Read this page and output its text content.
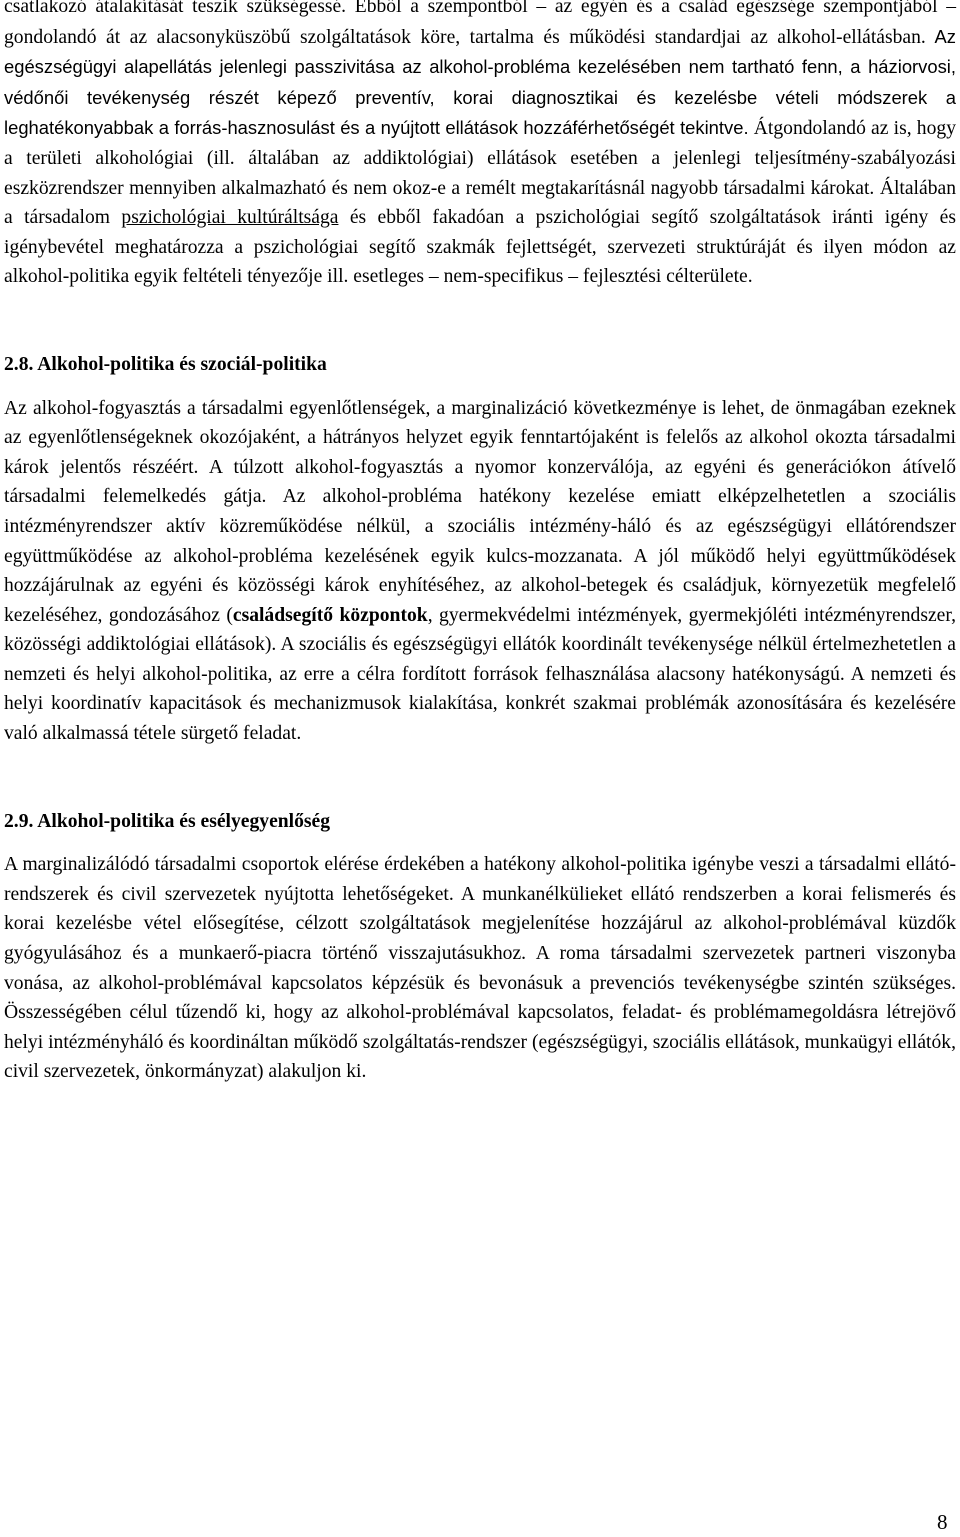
csatlakozó átalakítását teszik szükségessé. Ebből a szempontból – az egyén és a család egészsége szempontjából –gondolandó át az alacsonyküszöbű szolgáltatások köre, tartalma és működési standardjai az alkohol-ellátásban. Az egészségügyi alapellátás jelenlegi passzivitása az alkohol-probléma kezelésében nem tartható fenn, a háziorvosi, védőnői tevékenység részét képező preventív, korai diagnosztikai és kezelésbe vételi módszerek a leghatékonyabbak a forrás-hasznosulást és a nyújtott ellátások hozzáférhetőségét tekintve. Átgondolandó az is, hogy a területi alkohológiai (ill. általában az addiktológiai) ellátások esetében a jelenlegi teljesítmény-szabályozási eszközrendszer mennyiben alkalmazható és nem okoz-e a remélt megtakarításnál nagyobb társadalmi károkat. Általában a társadalom pszichológiai kultúráltsága és ebből fakadóan a pszichológiai segítő szolgáltatások iránti igény és igénybevétel meghatározza a pszichológiai segítő szakmák fejlettségét, szervezeti struktúráját és ilyen módon az alkohol-politika egyik feltételi tényezője ill. esetleges – nem-specifikus – fejlesztési célterülete.

2.8. Alkohol-politika és szociál-politika

Az alkohol-fogyasztás a társadalmi egyenlőtlenségek, a marginalizáció következménye is lehet, de önmagában ezeknek az egyenlőtlenségeknek okozójaként, a hátrányos helyzet egyik fenntartójaként is felelős az alkohol okozta társadalmi károk jelentős részéért. A túlzott alkohol-fogyasztás a nyomor konzerválója, az egyéni és generációkon átívelő társadalmi felemelkedés gátja. Az alkohol-probléma hatékony kezelése emiatt elképzelhetetlen a szociális intézményrendszer aktív közreműködése nélkül, a szociális intézmény-háló és az egészségügyi ellátórendszer együttműködése az alkohol-probléma kezelésének egyik kulcs-mozzanata. A jól működő helyi együttműködések hozzájárulnak az egyéni és közösségi károk enyhítéséhez, az alkohol-betegek és családjuk, környezetük megfelelő kezeléséhez, gondozásához (családsegítő központok, gyermekvédelmi intézmények, gyermekjóléti intézményrendszer, közösségi addiktológiai ellátások). A szociális és egészségügyi ellátók koordinált tevékenysége nélkül értelmezhetetlen a nemzeti és helyi alkohol-politika, az erre a célra fordított források felhasználása alacsony hatékonyságú. A nemzeti és helyi koordinatív kapacitások és mechanizmusok kialakítása, konkrét szakmai problémák azonosítására és kezelésére való alkalmassá tétele sürgető feladat.

2.9. Alkohol-politika és esélyegyenlőség

A marginalizálódó társadalmi csoportok elérése érdekében a hatékony alkohol-politika igénybe veszi a társadalmi ellátó-rendszerek és civil szervezetek nyújtotta lehetőségeket. A munkanélkülieket ellátó rendszerben a korai felismerés és korai kezelésbe vétel elősegítése, célzott szolgáltatások megjelenítése hozzájárul az alkohol-problémával küzdők gyógyulásához és a munkaerő-piacra történő visszajutásukhoz. A roma társadalmi szervezetek partneri viszonyba vonása, az alkohol-problémával kapcsolatos képzésük és bevonásuk a prevenciós tevékenységbe szintén szükséges. Összességében célul tűzendő ki, hogy az alkohol-problémával kapcsolatos, feladat- és problémamegoldásra létrejövő helyi intézményháló és koordináltan működő szolgáltatás-rendszer (egészségügyi, szociális ellátások, munkaügyi ellátók, civil szervezetek, önkormányzat) alakuljon ki.

8
